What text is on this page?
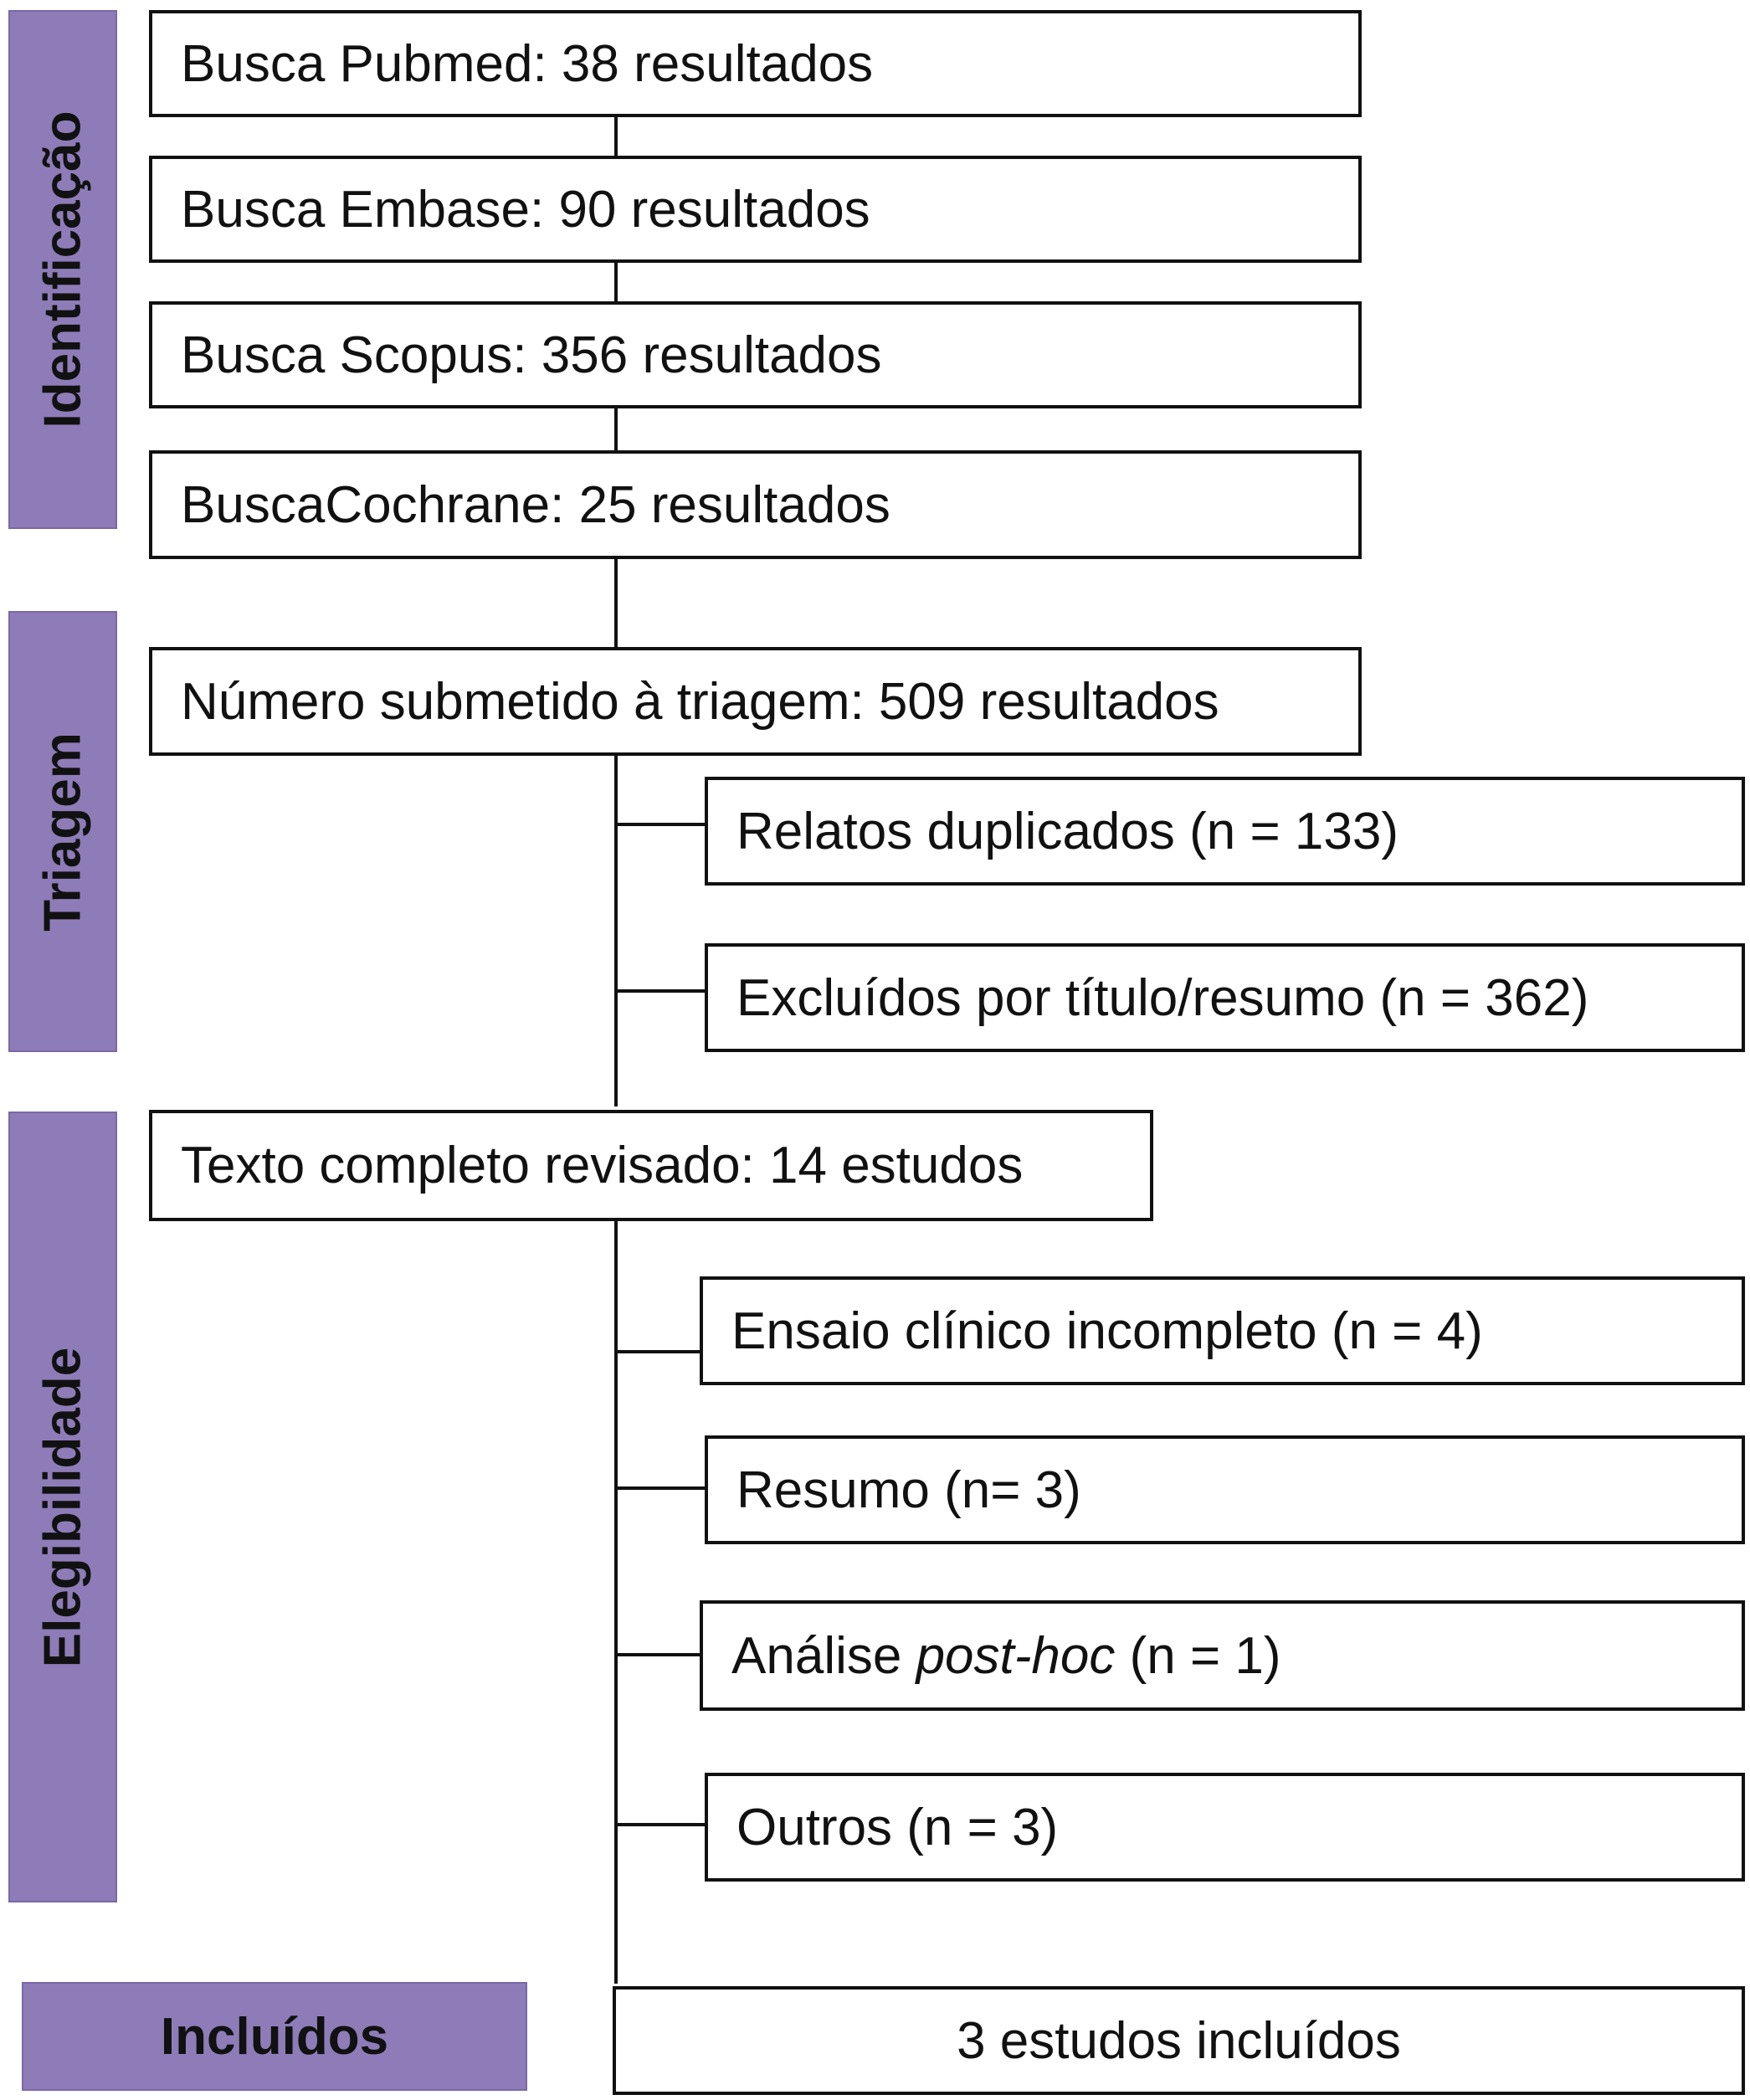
Identificação
Triagem
Elegibilidade
Incluídos
Busca Pubmed: 38 resultados
Busca Embase: 90 resultados
Busca Scopus: 356 resultados
BuscaCochrane: 25 resultados
Número submetido à triagem: 509 resultados
Relatos duplicados (n = 133)
Excluídos por título/resumo (n = 362)
Texto completo revisado: 14 estudos
Ensaio clínico incompleto (n = 4)
Resumo (n= 3)
Análise post-hoc (n = 1)
Outros (n = 3)
3 estudos incluídos
